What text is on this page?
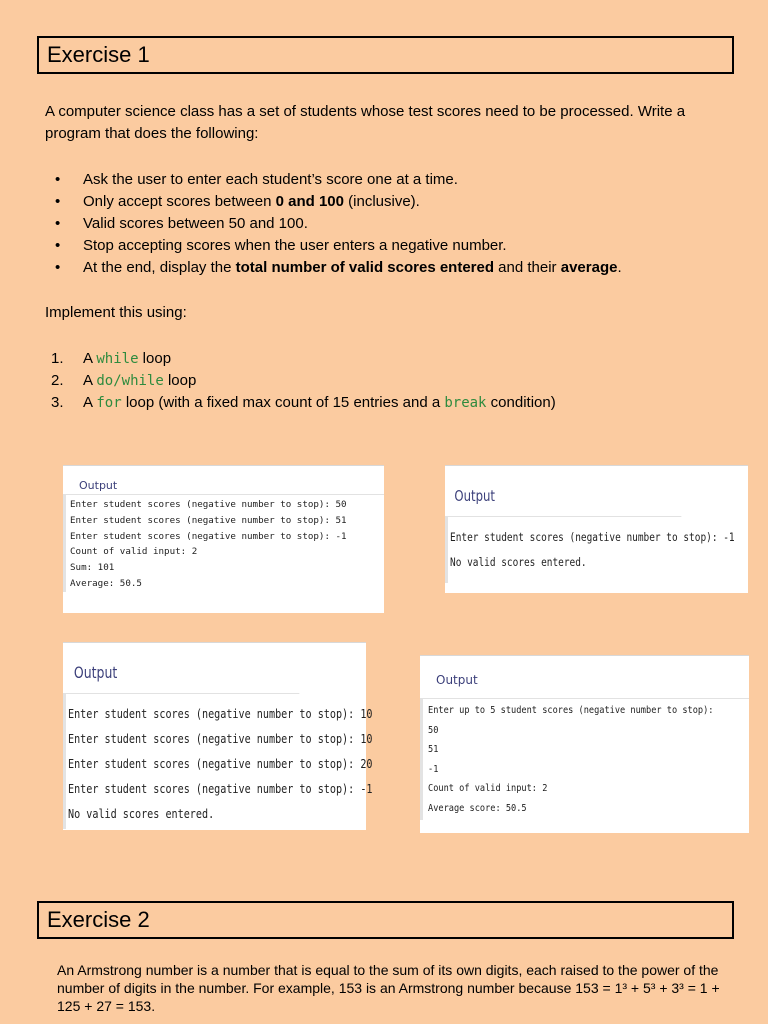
Exercise 1

A computer science class has a set of students whose test scores need to be processed. Write a program that does the following:

• Ask the user to enter each student’s score one at a time.
• Only accept scores between 0 and 100 (inclusive).
• Valid scores between 50 and 100.
• Stop accepting scores when the user enters a negative number.
• At the end, display the total number of valid scores entered and their average.

Implement this using:

1. A while loop
2. A do/while loop
3. A for loop (with a fixed max count of 15 entries and a break condition)
Output
Enter student scores (negative number to stop): 50
Enter student scores (negative number to stop): 51
Enter student scores (negative number to stop): -1
Count of valid input: 2
Sum: 101
Average: 50.5
Output
Enter student scores (negative number to stop): -1
No valid scores entered.
Output
Enter student scores (negative number to stop): 10
Enter student scores (negative number to stop): 10
Enter student scores (negative number to stop): 20
Enter student scores (negative number to stop): -1
No valid scores entered.
Output
Enter up to 5 student scores (negative number to stop):
50
51
-1
Count of valid input: 2
Average score: 50.5
Exercise 2

An Armstrong number is a number that is equal to the sum of its own digits, each raised to the power of the number of digits in the number. For example, 153 is an Armstrong number because 153 = 1³ + 5³ + 3³ = 1 + 125 + 27 = 153.
